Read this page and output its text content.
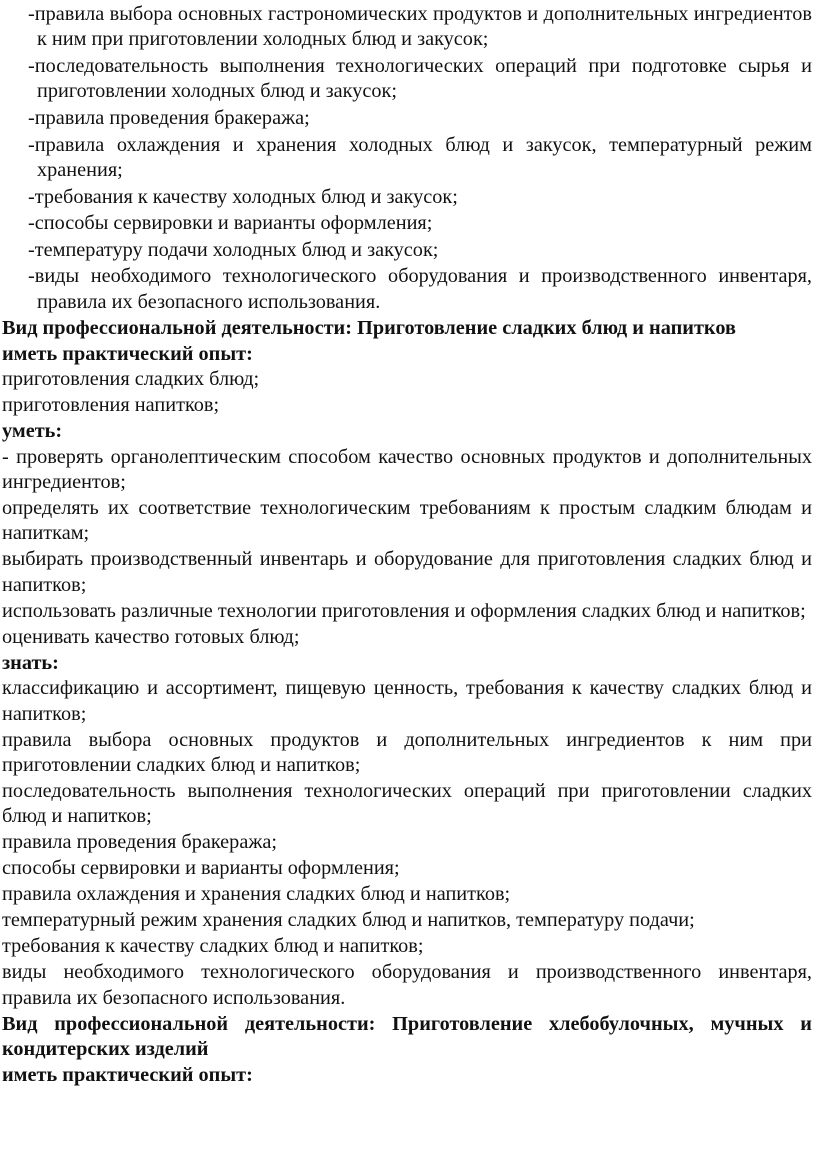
-правила выбора основных гастрономических продуктов и дополнительных ингредиентов к ним при приготовлении холодных блюд и закусок;

-последовательность выполнения технологических операций при подготовке сырья и приготовлении холодных блюд и закусок;

-правила проведения бракеража;

-правила охлаждения и хранения холодных блюд и закусок, температурный режим хранения;

-требования к качеству холодных блюд и закусок;

-способы сервировки и варианты оформления;

-температуру подачи холодных блюд и закусок;

-виды необходимого технологического оборудования и производственного инвентаря, правила их безопасного использования.

Вид профессиональной деятельности: Приготовление сладких блюд и напитков

иметь практический опыт:

приготовления сладких блюд;

приготовления напитков;

уметь:

- проверять органолептическим способом качество основных продуктов и дополнительных ингредиентов;

определять их соответствие технологическим требованиям к простым сладким блюдам и напиткам;

выбирать производственный инвентарь и оборудование для приготовления сладких блюд и напитков;

использовать различные технологии приготовления и оформления сладких блюд и напитков;

оценивать качество готовых блюд;

знать:

классификацию и ассортимент, пищевую ценность, требования к качеству сладких блюд и напитков;

правила выбора основных продуктов и дополнительных ингредиентов к ним при приготовлении сладких блюд и напитков;

последовательность выполнения технологических операций при приготовлении сладких блюд и напитков;

правила проведения бракеража;

способы сервировки и варианты оформления;

правила охлаждения и хранения сладких блюд и напитков;

температурный режим хранения сладких блюд и напитков, температуру подачи;

требования к качеству сладких блюд и напитков;

виды необходимого технологического оборудования и производственного инвентаря, правила их безопасного использования.

Вид профессиональной деятельности: Приготовление хлебобулочных, мучных и кондитерских изделий

иметь практический опыт:
